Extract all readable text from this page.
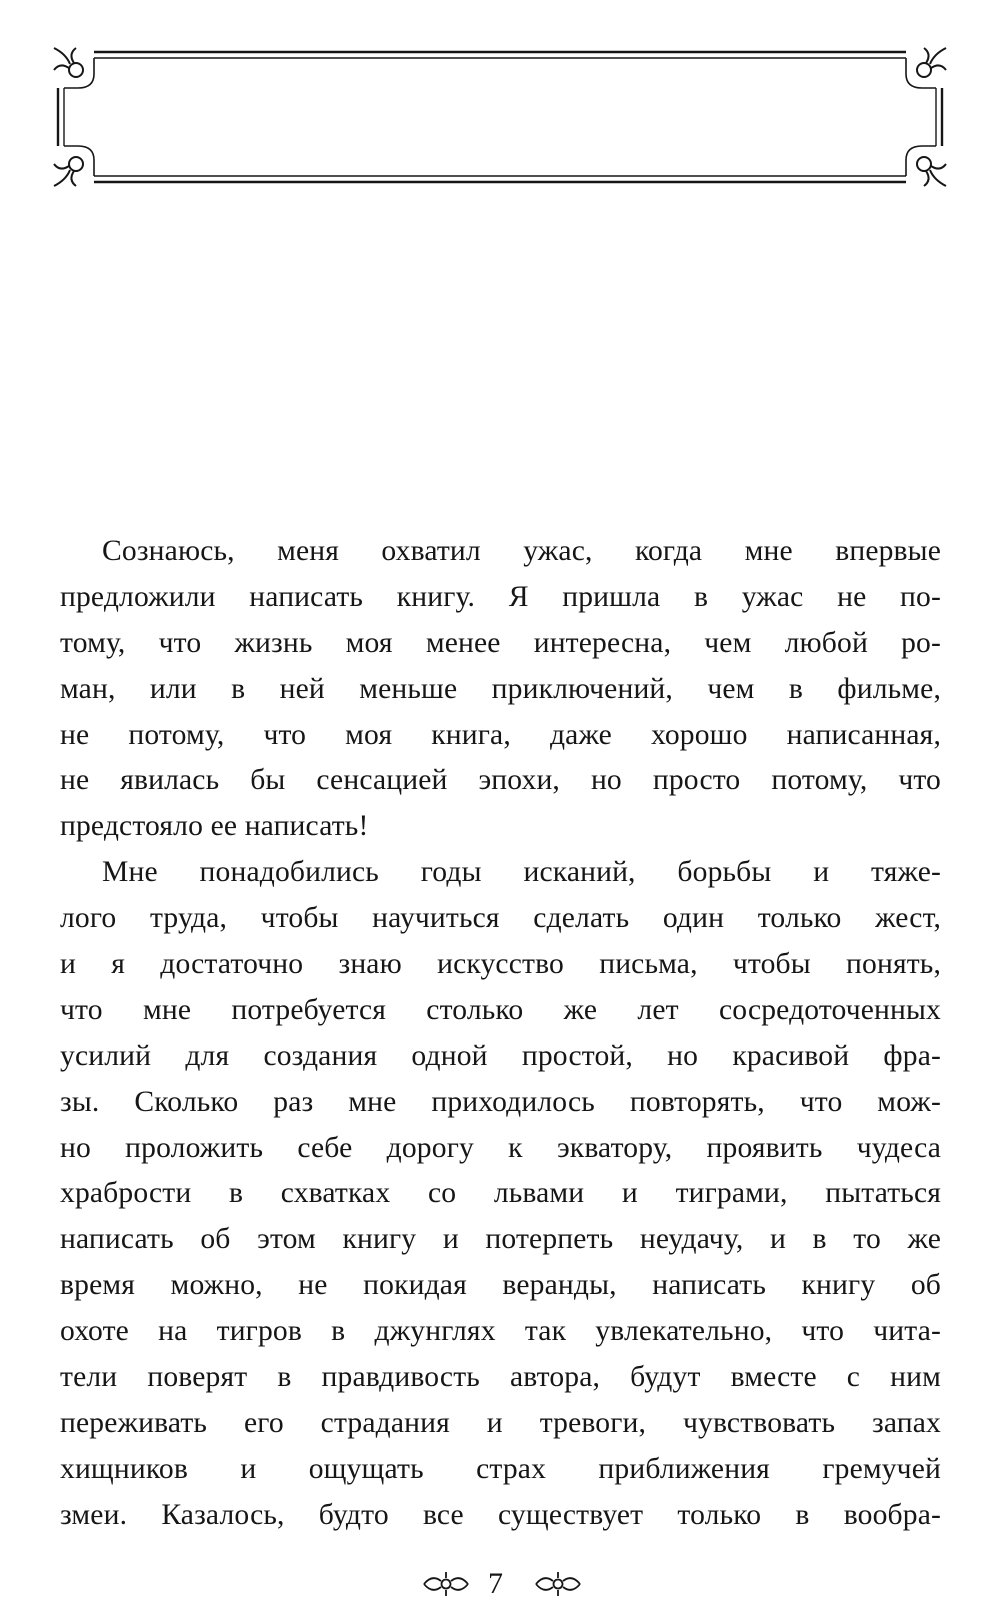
Сознаюсь, меня охватил ужас, когда мне впервые
предложили написать книгу. Я пришла в ужас не по-
тому, что жизнь моя менее интересна, чем любой ро-
ман, или в ней меньше приключений, чем в фильме,
не потому, что моя книга, даже хорошо написанная,
не явилась бы сенсацией эпохи, но просто потому, что
предстояло ее написать!
Мне понадобились годы исканий, борьбы и тяже-
лого труда, чтобы научиться сделать один только жест,
и я достаточно знаю искусство письма, чтобы понять,
что мне потребуется столько же лет сосредоточенных
усилий для создания одной простой, но красивой фра-
зы. Сколько раз мне приходилось повторять, что мож-
но проложить себе дорогу к экватору, проявить чудеса
храбрости в схватках со львами и тиграми, пытаться
написать об этом книгу и потерпеть неудачу, и в то же
время можно, не покидая веранды, написать книгу об
охоте на тигров в джунглях так увлекательно, что чита-
тели поверят в правдивость автора, будут вместе с ним
переживать его страдания и тревоги, чувствовать запах
хищников и ощущать страх приближения гремучей
змеи. Казалось, будто все существует только в вообра-
7
